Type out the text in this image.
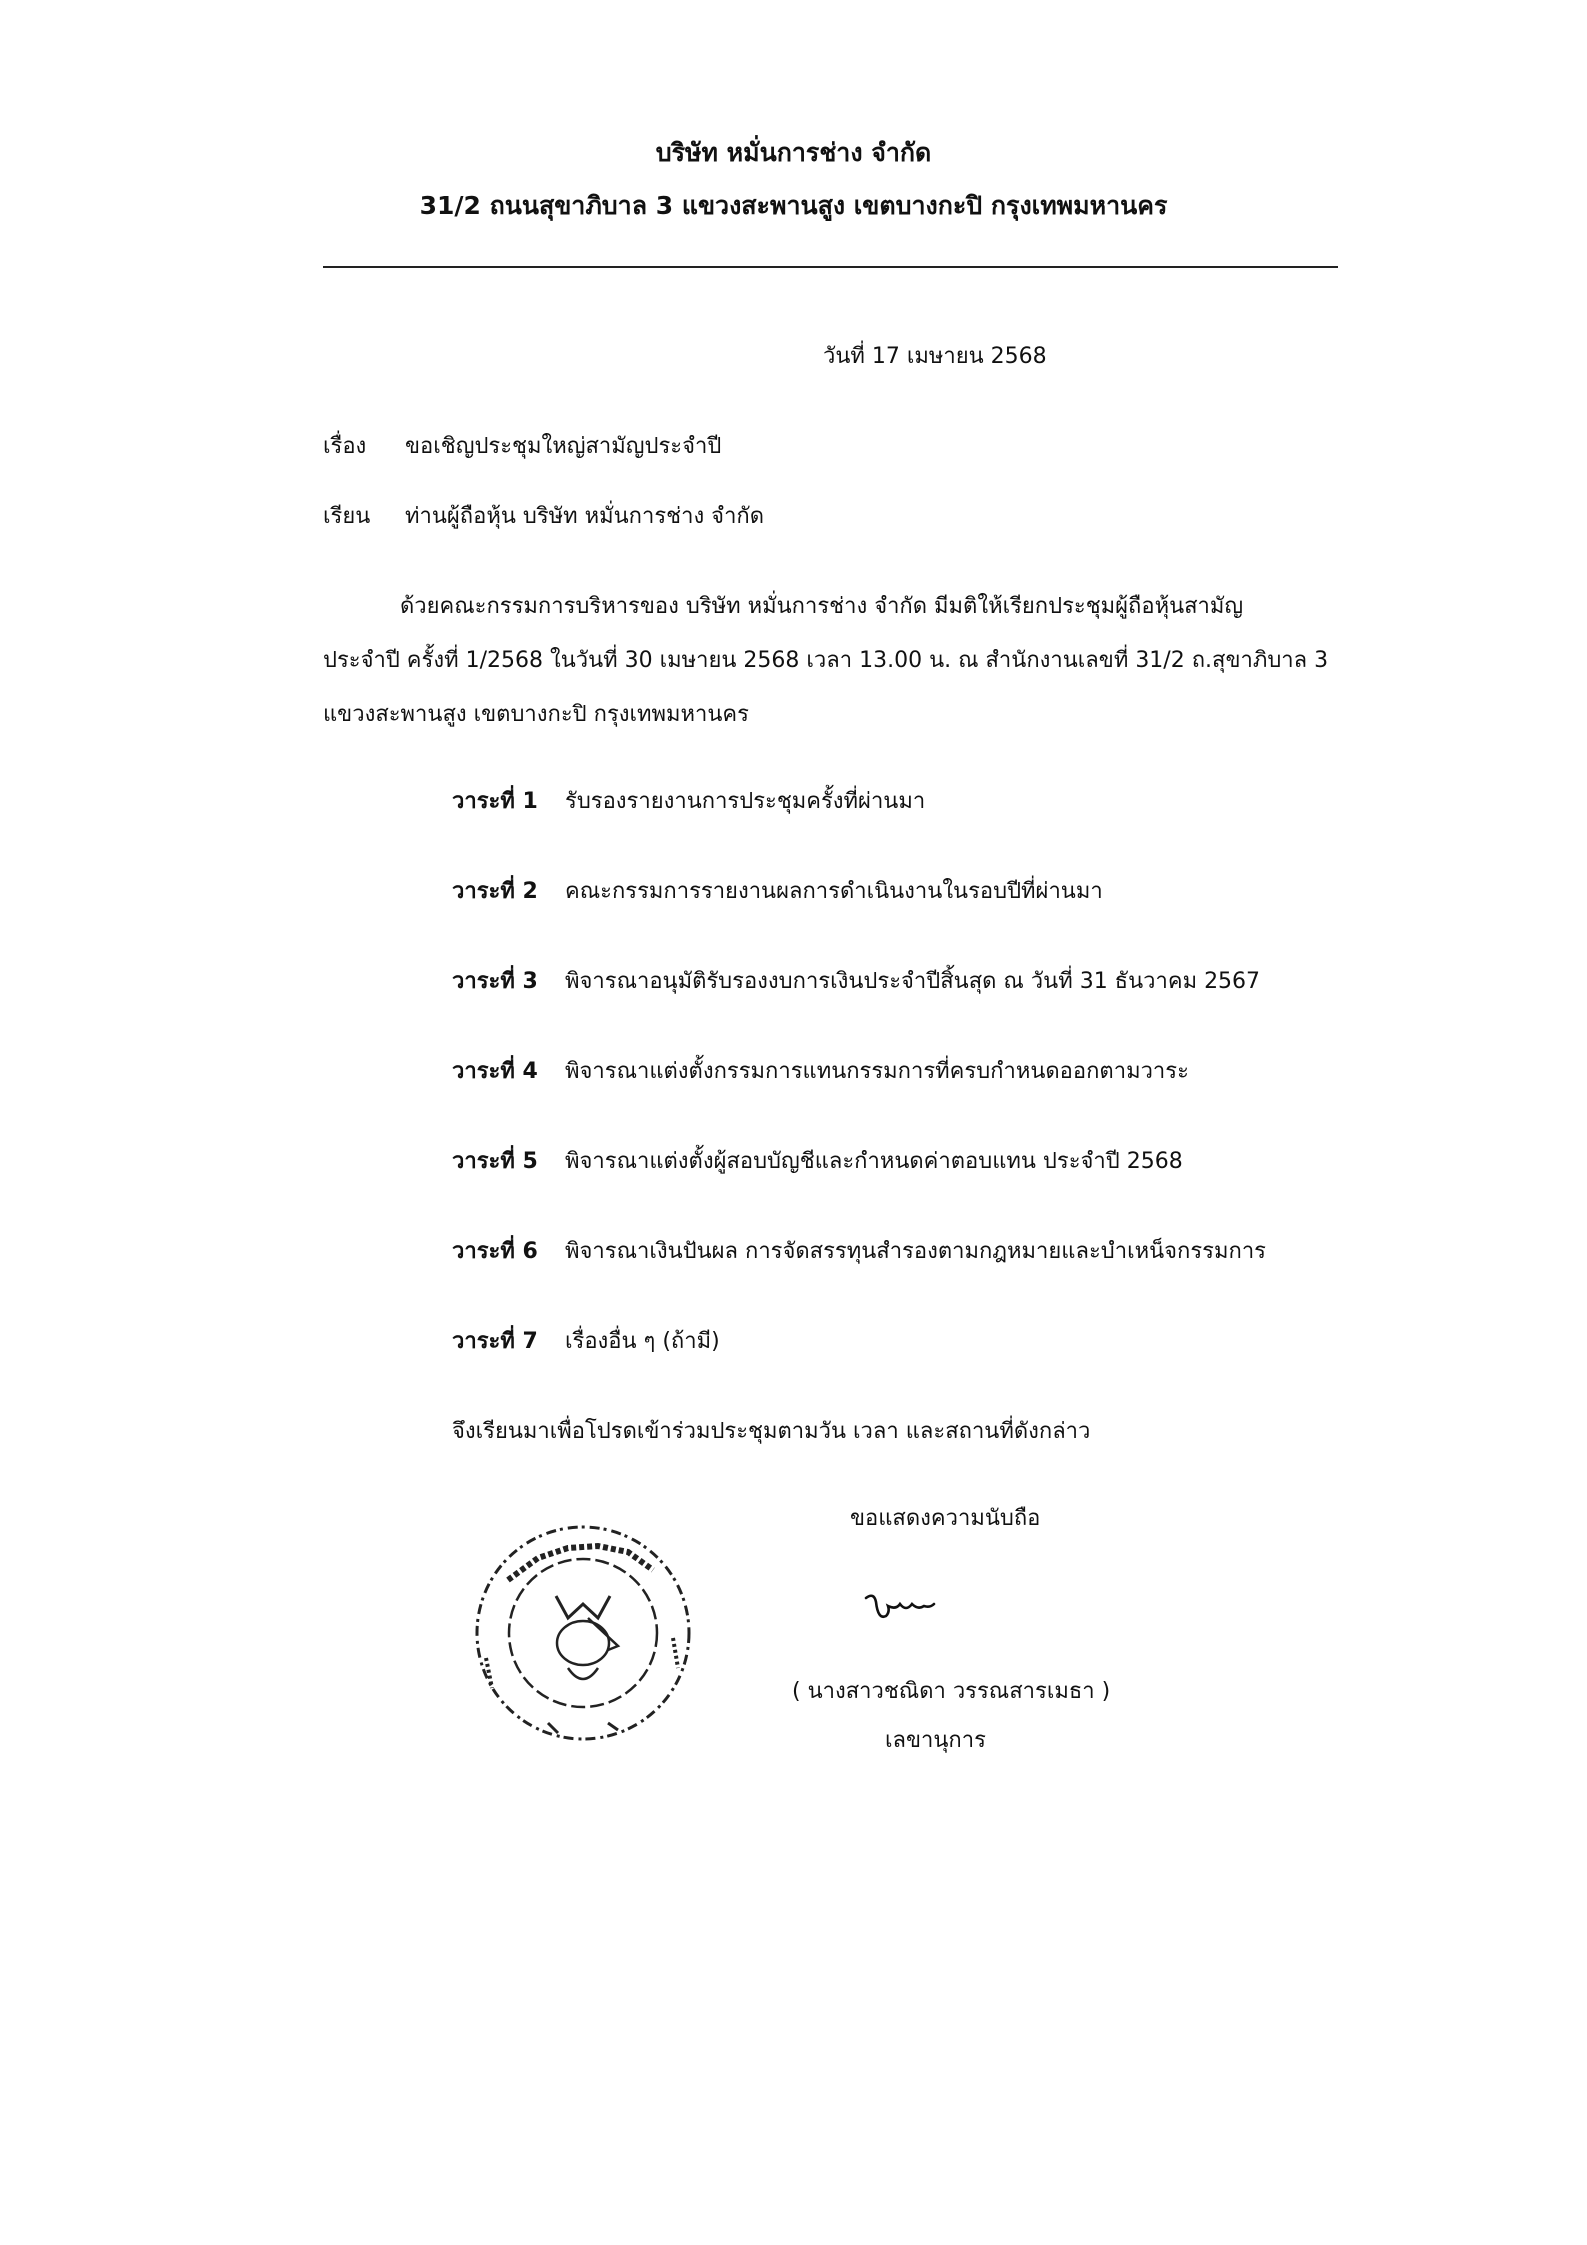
บริษัท หมั่นการช่าง จำกัด
31/2 ถนนสุขาภิบาล 3 แขวงสะพานสูง เขตบางกะปิ กรุงเทพมหานคร
วันที่ 17 เมษายน 2568
เรื่อง ขอเชิญประชุมใหญ่สามัญประจำปี
เรียน ท่านผู้ถือหุ้น บริษัท หมั่นการช่าง จำกัด
ด้วยคณะกรรมการบริหารของ บริษัท หมั่นการช่าง จำกัด มีมติให้เรียกประชุมผู้ถือหุ้นสามัญ
ประจำปี ครั้งที่ 1/2568 ในวันที่ 30 เมษายน 2568 เวลา 13.00 น. ณ สำนักงานเลขที่ 31/2 ถ.สุขาภิบาล 3
แขวงสะพานสูง เขตบางกะปิ กรุงเทพมหานคร
วาระที่ 1 รับรองรายงานการประชุมครั้งที่ผ่านมา
วาระที่ 2 คณะกรรมการรายงานผลการดำเนินงานในรอบปีที่ผ่านมา
วาระที่ 3 พิจารณาอนุมัติรับรองงบการเงินประจำปีสิ้นสุด ณ วันที่ 31 ธันวาคม 2567
วาระที่ 4 พิจารณาแต่งตั้งกรรมการแทนกรรมการที่ครบกำหนดออกตามวาระ
วาระที่ 5 พิจารณาแต่งตั้งผู้สอบบัญชีและกำหนดค่าตอบแทน ประจำปี 2568
วาระที่ 6 พิจารณาเงินปันผล การจัดสรรทุนสำรองตามกฎหมายและบำเหน็จกรรมการ
วาระที่ 7 เรื่องอื่น ๆ (ถ้ามี)
จึงเรียนมาเพื่อโปรดเข้าร่วมประชุมตามวัน เวลา และสถานที่ดังกล่าว
ขอแสดงความนับถือ
( นางสาวชณิดา วรรณสารเมธา )
เลขานุการ
